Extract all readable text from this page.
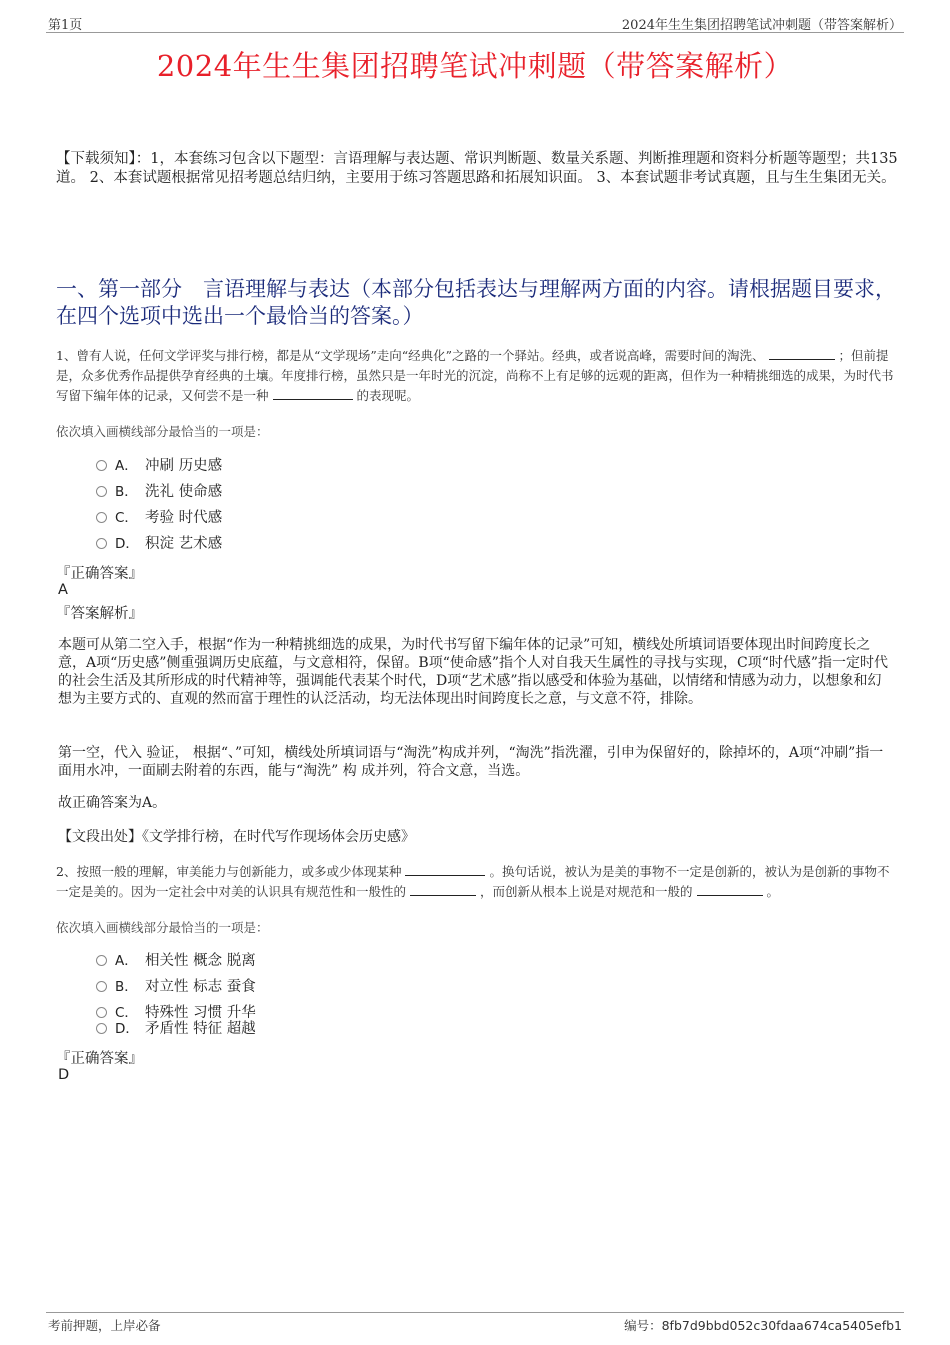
第1页	2024年生生集团招聘笔试冲刺题（带答案解析）
2024年生生集团招聘笔试冲刺题（带答案解析）
【下载须知】：1，本套练习包含以下题型：言语理解与表达题、常识判断题、数量关系题、判断推理题和资料分析题等题型；共135道。 2、本套试题根据常见招考题总结归纳，主要用于练习答题思路和拓展知识面。 3、本套试题非考试真题，且与生生集团无关。
一、第一部分　言语理解与表达（本部分包括表达与理解两方面的内容。请根据题目要求，在四个选项中选出一个最恰当的答案。）
1、曾有人说，任何文学评奖与排行榜，都是从“文学现场”走向“经典化”之路的一个驿站。经典，或者说高峰，需要时间的淘洗、	；但前提是，众多优秀作品提供孕育经典的土壤。年度排行榜，虽然只是一年时光的沉淀，尚称不上有足够的远观的距离，但作为一种精挑细选的成果，为时代书写留下编年体的记录，又何尝不是一种	的表现呢。
依次填入画横线部分最恰当的一项是：
A． 冲刷 历史感
B． 洗礼 使命感
C． 考验 时代感
D． 积淀 艺术感
『正确答案』
A
『答案解析』
本题可从第二空入手，根据“作为一种精挑细选的成果，为时代书写留下编年体的记录”可知，横线处所填词语要体现出时间跨度长之意，A项“历史感”侧重强调历史底蕴，与文意相符，保留。B项“使命感”指个人对自我天生属性的寻找与实现，C项“时代感”指一定时代的社会生活及其所形成的时代精神等，强调能代表某个时代，D项“艺术感”指以感受和体验为基础，以情绪和情感为动力，以想象和幻想为主要方式的、直观的然而富于理性的认泛活动，均无法体现出时间跨度长之意，与文意不符，排除。
第一空，代入 验证， 根据“、”可知，横线处所填词语与“淘洗”构成并列，“淘洗”指洗濯，引申为保留好的，除掉坏的，A项“冲刷”指一面用水冲，一面刷去附着的东西，能与“淘洗” 构 成并列，符合文意，当选。
故正确答案为A。
【文段出处】《文学排行榜，在时代写作现场体会历史感》
2、按照一般的理解，审美能力与创新能力，或多或少体现某种	。换句话说，被认为是美的事物不一定是创新的，被认为是创新的事物不一定是美的。因为一定社会中对美的认识具有规范性和一般性的	，而创新从根本上说是对规范和一般的	。
依次填入画横线部分最恰当的一项是：
A． 相关性 概念 脱离
B． 对立性 标志 蚕食
C． 特殊性 习惯 升华
D． 矛盾性 特征 超越
『正确答案』
D
考前押题，上岸必备	编号：8fb7d9bbd052c30fdaa674ca5405efb1
